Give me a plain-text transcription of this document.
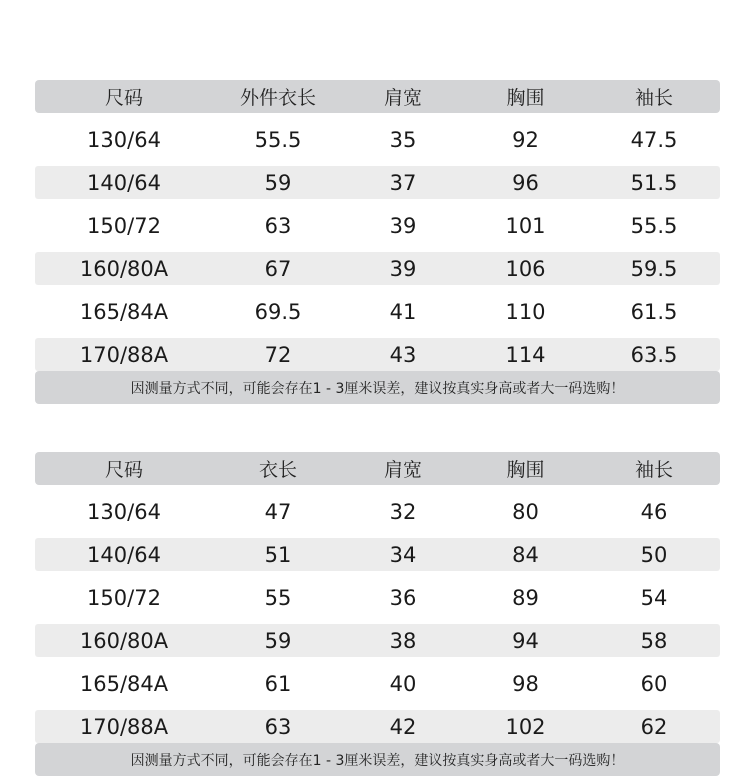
尺码	外件衣长	肩宽	胸围	袖长
130/64	55.5	35	92	47.5
140/64	59	37	96	51.5
150/72	63	39	101	55.5
160/80A	67	39	106	59.5
165/84A	69.5	41	110	61.5
170/88A	72	43	114	63.5
因测量方式不同，可能会存在1 - 3厘米误差，建议按真实身高或者大一码选购！
尺码	衣长	肩宽	胸围	袖长
130/64	47	32	80	46
140/64	51	34	84	50
150/72	55	36	89	54
160/80A	59	38	94	58
165/84A	61	40	98	60
170/88A	63	42	102	62
因测量方式不同，可能会存在1 - 3厘米误差，建议按真实身高或者大一码选购！
